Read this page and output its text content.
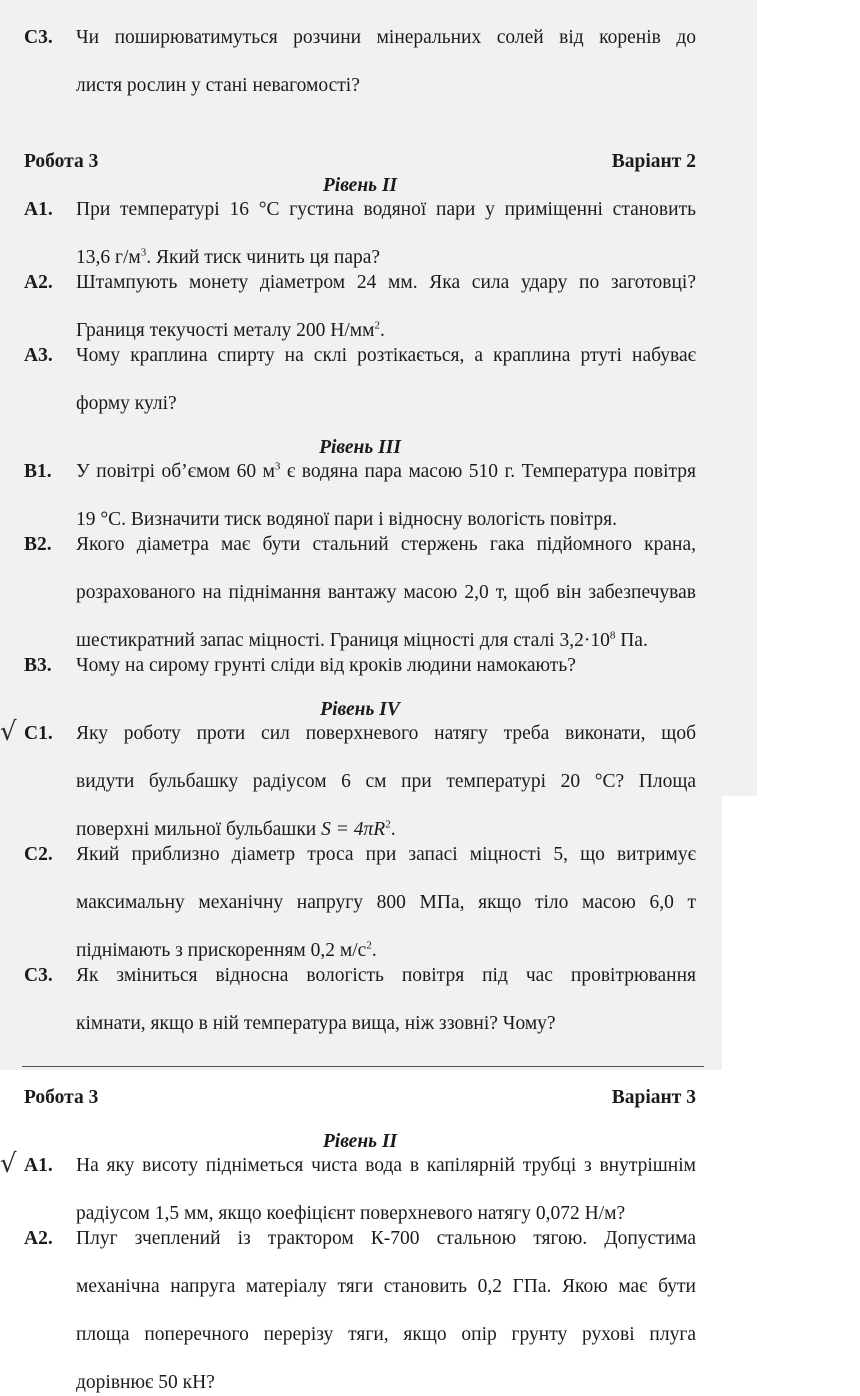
С3. Чи поширюватимуться розчини мінеральних солей від коренів до
листя рослин у стані невагомості?
Робота 3	Варіант 2
Рівень II
А1. При температурі 16 °С густина водяної пари у приміщенні становить
13,6 $г/м^3$. Який тиск чинить ця пара?
А2. Штампують монету діаметром 24 мм. Яка сила удару по заготовці?
Границя текучості металу 200 $Н/мм^2$.
А3. Чому краплина спирту на склі розтікається, а краплина ртуті набуває
форму кулі?
Рівень III
В1. У повітрі об’ємом 60 $м^3$ є водяна пара масою 510 г. Температура повітря
19 °С. Визначити тиск водяної пари і відносну вологість повітря.
В2. Якого діаметра має бути стальний стержень гака підйомного крана,
розрахованого на піднімання вантажу масою 2,0 т, щоб він забезпечував
шестикратний запас міцності. Границя міцності для сталі $3,2\cdot 10^8$ Па.
В3. Чому на сирому грунті сліди від кроків людини намокають?
Рівень IV
√ С1. Яку роботу проти сил поверхневого натягу треба виконати, щоб
видути бульбашку радіусом 6 см при температурі 20 °С? Площа
поверхні мильної бульбашки $S = 4\pi R^2$.
С2. Який приблизно діаметр троса при запасі міцності 5, що витримує
максимальну механічну напругу 800 МПа, якщо тіло масою 6,0 т
піднімають з прискоренням 0,2 $м/с^2$.
С3. Як зміниться відносна вологість повітря під час провітрювання
кімнати, якщо в ній температура вища, ніж ззовні? Чому?
Робота 3	Варіант 3
Рівень II
√ А1. На яку висоту підніметься чиста вода в капілярній трубці з внутрішнім
радіусом 1,5 мм, якщо коефіцієнт поверхневого натягу 0,072 Н/м?
А2. Плуг зчеплений із трактором К-700 стальною тягою. Допустима
механічна напруга матеріалу тяги становить 0,2 ГПа. Якою має бути
площа поперечного перерізу тяги, якщо опір грунту рухові плуга
дорівнює 50 кН?
